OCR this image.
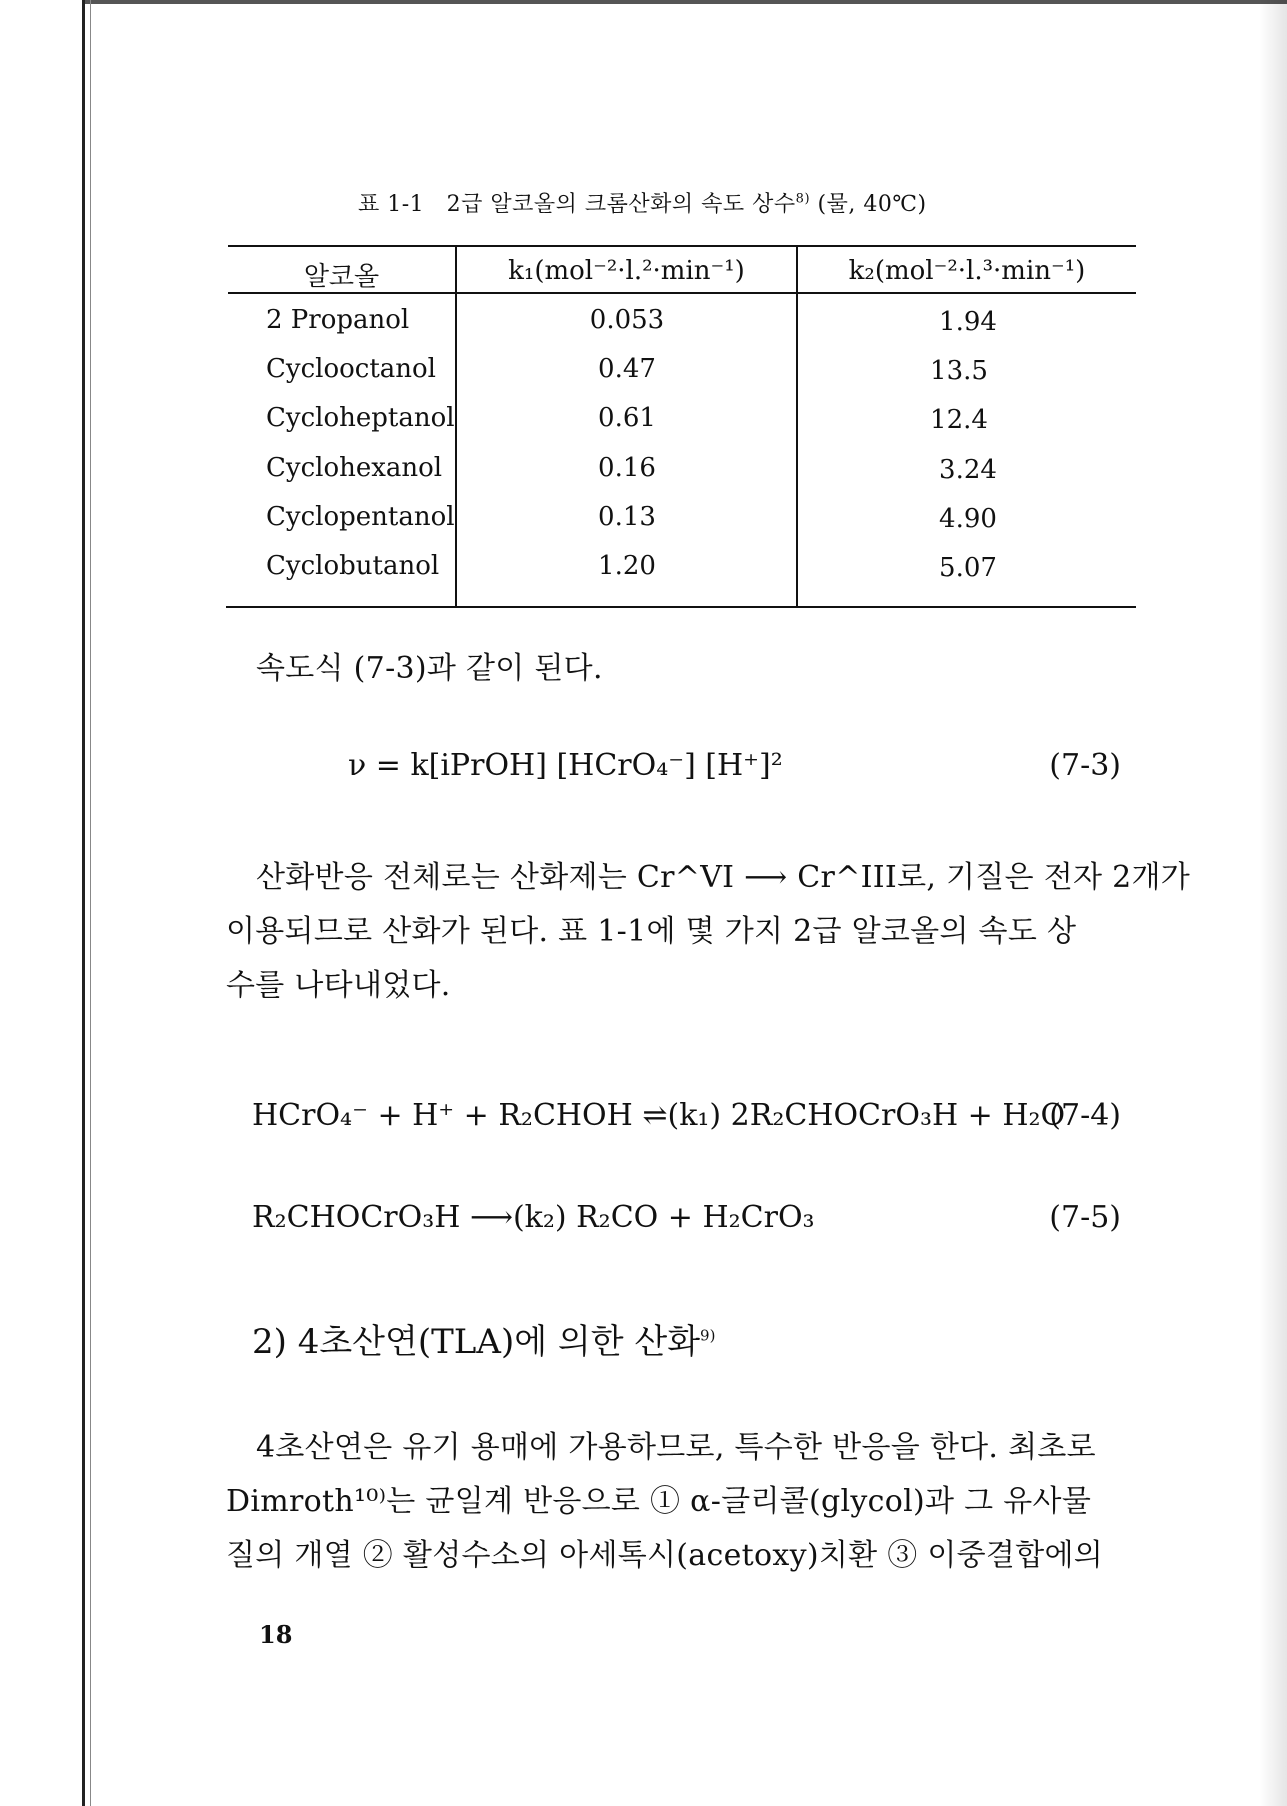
표 1-1 2급 알코올의 크롬산화의 속도 상수$^{8)}$ (물, 40℃)
알코올	k₁(mol⁻²·l.²·min⁻¹)	k₂(mol⁻²·l.³·min⁻¹)
2 Propanol	0.053	1.94
Cyclooctanol	0.47	13.5
Cycloheptanol	0.61	12.4
Cyclohexanol	0.16	3.24
Cyclopentanol	0.13	4.90
Cyclobutanol	1.20	5.07
속도식 (7-3)과 같이 된다.
ν = k[iPrOH] [HCrO₄⁻] [H⁺]²	(7-3)
산화반응 전체로는 산화제는 Cr^VI ⟶ Cr^III로, 기질은 전자 2개가
이용되므로 산화가 된다. 표 1-1에 몇 가지 2급 알코올의 속도 상
수를 나타내었다.
HCrO₄⁻ + H⁺ + R₂CHOH ⇌(k₁) 2R₂CHOCrO₃H + H₂O
(7-4)
R₂CHOCrO₃H ⟶(k₂) R₂CO + H₂CrO₃	(7-5)
2) 4초산연(TLA)에 의한 산화$^{9)}$
4초산연은 유기 용매에 가용하므로, 특수한 반응을 한다. 최초로
Dimroth¹⁰⁾는 균일계 반응으로 ① α-글리콜(glycol)과 그 유사물
질의 개열 ② 활성수소의 아세톡시(acetoxy)치환 ③ 이중결합에의
18
